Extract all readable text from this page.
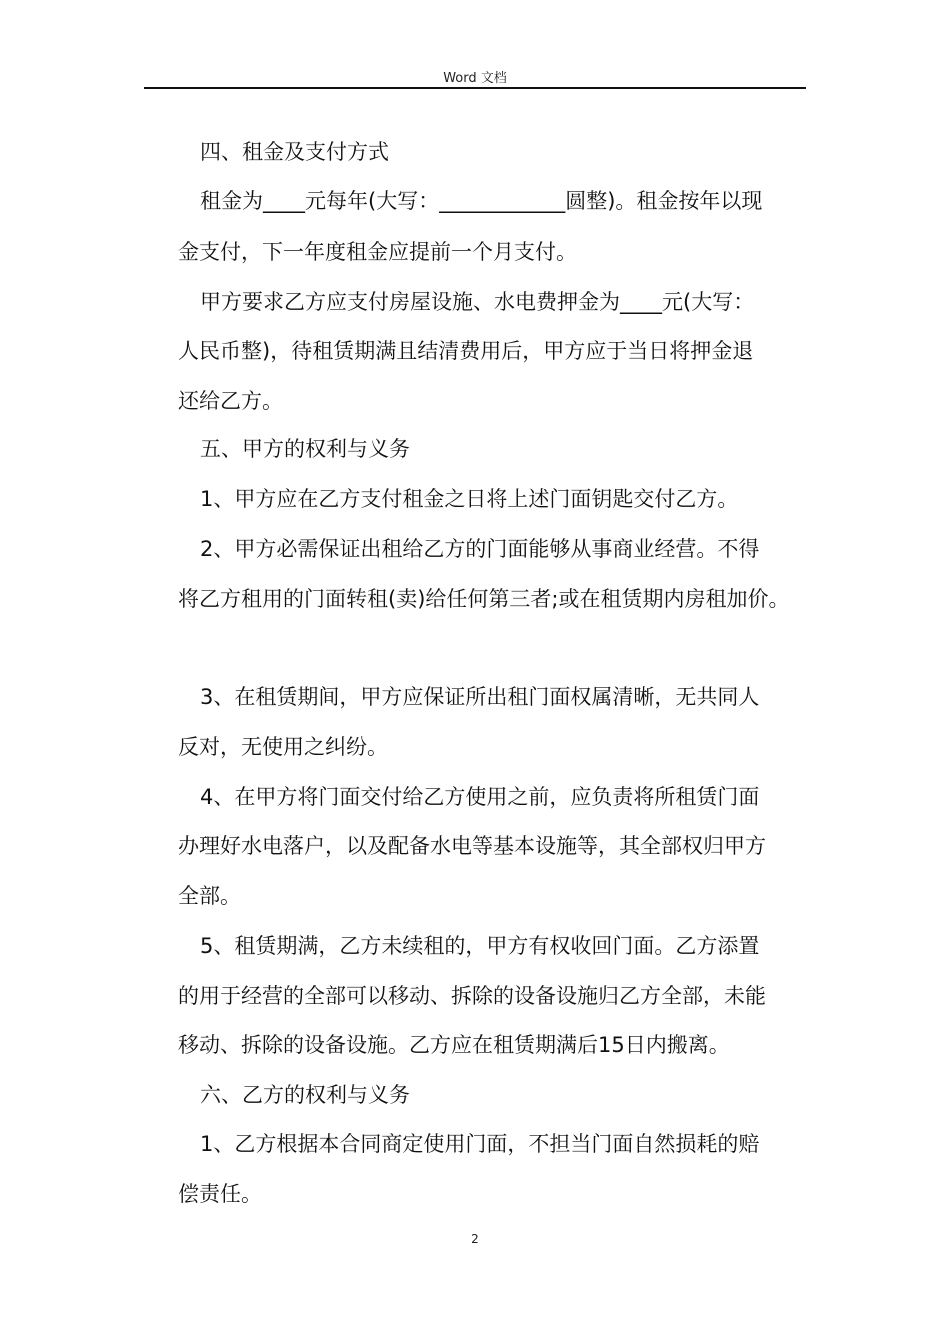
Word 文档
四、租金及支付方式
租金为____元每年(大写：____________圆整)。租金按年以现
金支付，下一年度租金应提前一个月支付。
甲方要求乙方应支付房屋设施、水电费押金为____元(大写：
人民币整)，待租赁期满且结清费用后，甲方应于当日将押金退
还给乙方。
五、甲方的权利与义务
1、甲方应在乙方支付租金之日将上述门面钥匙交付乙方。
2、甲方必需保证出租给乙方的门面能够从事商业经营。不得
将乙方租用的门面转租(卖)给任何第三者;或在租赁期内房租加价。
3、在租赁期间，甲方应保证所出租门面权属清晰，无共同人
反对，无使用之纠纷。
4、在甲方将门面交付给乙方使用之前，应负责将所租赁门面
办理好水电落户，以及配备水电等基本设施等，其全部权归甲方
全部。
5、租赁期满，乙方未续租的，甲方有权收回门面。乙方添置
的用于经营的全部可以移动、拆除的设备设施归乙方全部，未能
移动、拆除的设备设施。乙方应在租赁期满后15日内搬离。
六、乙方的权利与义务
1、乙方根据本合同商定使用门面，不担当门面自然损耗的赔
偿责任。
2
